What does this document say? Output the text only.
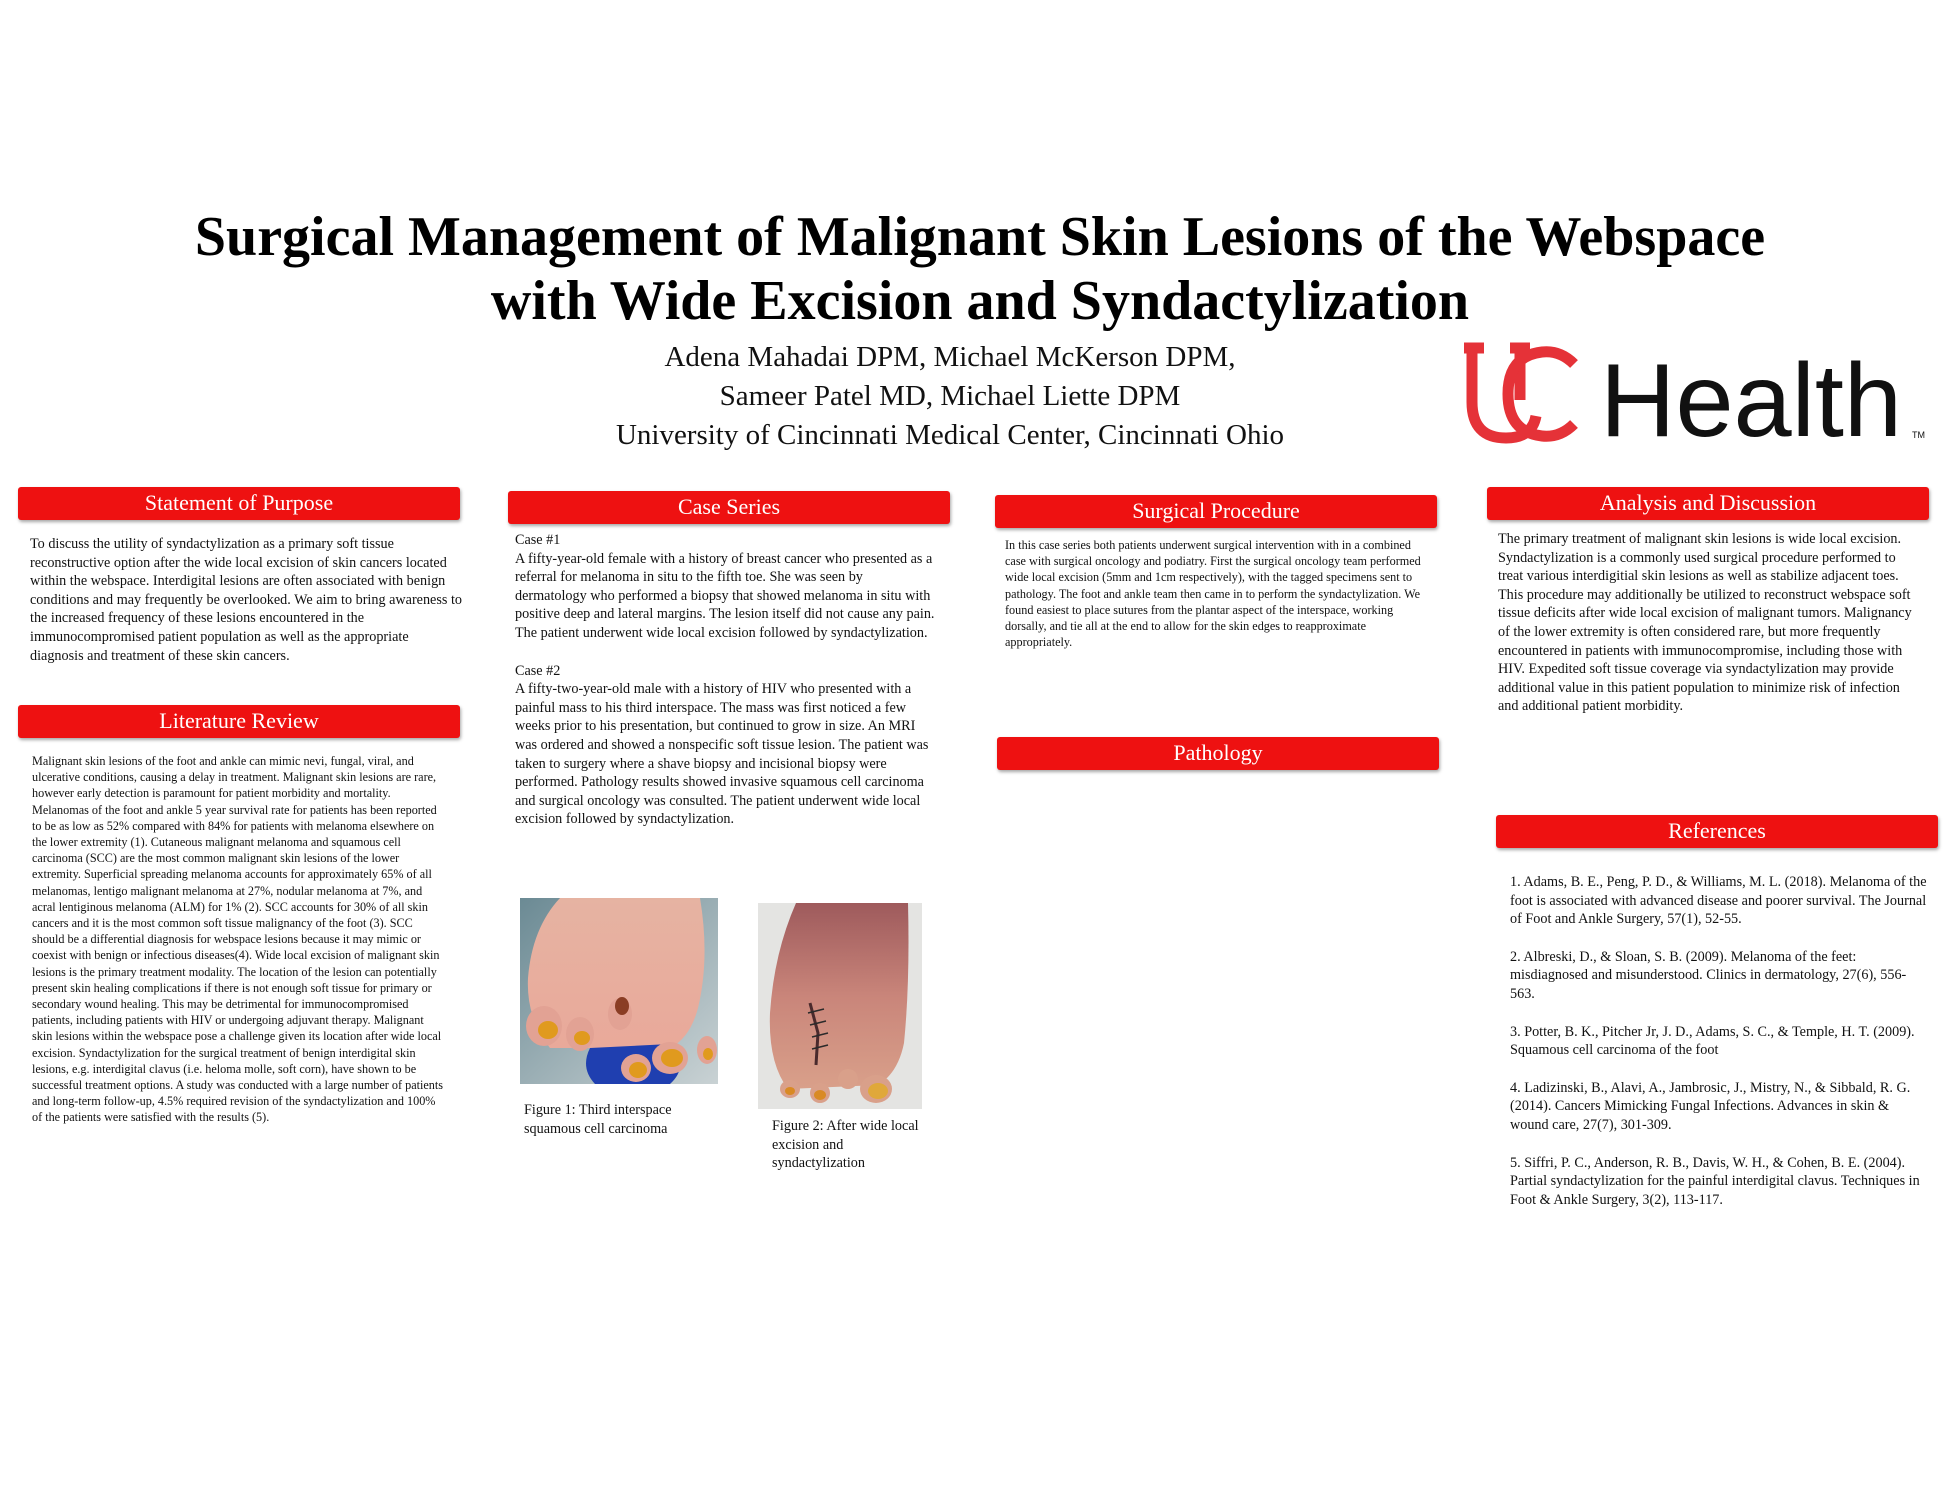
Surgical Management of Malignant Skin Lesions of the Webspace
with Wide Excision and Syndactylization
Adena Mahadai DPM, Michael McKerson DPM,
Sameer Patel MD, Michael Liette DPM
University of Cincinnati Medical Center, Cincinnati Ohio	Health TM
Statement of Purpose
To discuss the utility of syndactylization as a primary soft tissue reconstructive option after the wide local excision of skin cancers located within the webspace. Interdigital lesions are often associated with benign conditions and may frequently be overlooked. We aim to bring awareness to the increased frequency of these lesions encountered in the immunocompromised patient population as well as the appropriate diagnosis and treatment of these skin cancers.
Literature Review
Malignant skin lesions of the foot and ankle can mimic nevi, fungal, viral, and ulcerative conditions, causing a delay in treatment. Malignant skin lesions are rare, however early detection is paramount for patient morbidity and mortality. Melanomas of the foot and ankle 5 year survival rate for patients has been reported to be as low as 52% compared with 84% for patients with melanoma elsewhere on the lower extremity (1). Cutaneous malignant melanoma and squamous cell carcinoma (SCC) are the most common malignant skin lesions of the lower extremity. Superficial spreading melanoma accounts for approximately 65% of all melanomas, lentigo malignant melanoma at 27%, nodular melanoma at 7%, and acral lentiginous melanoma (ALM) for 1% (2). SCC accounts for 30% of all skin cancers and it is the most common soft tissue malignancy of the foot (3). SCC should be a differential diagnosis for webspace lesions because it may mimic or coexist with benign or infectious diseases(4). Wide local excision of malignant skin lesions is the primary treatment modality. The location of the lesion can potentially present skin healing complications if there is not enough soft tissue for primary or secondary wound healing. This may be detrimental for immunocompromised patients, including patients with HIV or undergoing adjuvant therapy. Malignant skin lesions within the webspace pose a challenge given its location after wide local excision. Syndactylization for the surgical treatment of benign interdigital skin lesions, e.g. interdigital clavus (i.e. heloma molle, soft corn), have shown to be successful treatment options. A study was conducted with a large number of patients and long-term follow-up, 4.5% required revision of the syndactylization and 100% of the patients were satisfied with the results (5).
Case Series

Case #1

A fifty-year-old female with a history of breast cancer who presented as a referral for melanoma in situ to the fifth toe. She was seen by dermatology who performed a biopsy that showed melanoma in situ with positive deep and lateral margins. The lesion itself did not cause any pain. The patient underwent wide local excision followed by syndactylization.

Case #2

A fifty-two-year-old male with a history of HIV who presented with a painful mass to his third interspace. The mass was first noticed a few weeks prior to his presentation, but continued to grow in size. An MRI was ordered and showed a nonspecific soft tissue lesion. The patient was taken to surgery where a shave biopsy and incisional biopsy were performed. Pathology results showed invasive squamous cell carcinoma and surgical oncology was consulted. The patient underwent wide local excision followed by syndactylization.

Figure 1: Third interspace squamous cell carcinoma	Figure 2: After wide local excision and syndactylization
Surgical Procedure
In this case series both patients underwent surgical intervention with in a combined case with surgical oncology and podiatry. First the surgical oncology team performed wide local excision (5mm and 1cm respectively), with the tagged specimens sent to pathology. The foot and ankle team then came in to perform the syndactylization. We found easiest to place sutures from the plantar aspect of the interspace, working dorsally, and tie all at the end to allow for the skin edges to reapproximate appropriately.
Pathology
Analysis and Discussion
The primary treatment of malignant skin lesions is wide local excision. Syndactylization is a commonly used surgical procedure performed to treat various interdigitial skin lesions as well as stabilize adjacent toes. This procedure may additionally be utilized to reconstruct webspace soft tissue deficits after wide local excision of malignant tumors. Malignancy of the lower extremity is often considered rare, but more frequently encountered in patients with immunocompromise, including those with HIV. Expedited soft tissue coverage via syndactylization may provide additional value in this patient population to minimize risk of infection and additional patient morbidity.
References

1. Adams, B. E., Peng, P. D., & Williams, M. L. (2018). Melanoma of the foot is associated with advanced disease and poorer survival. The Journal of Foot and Ankle Surgery, 57(1), 52-55.

2. Albreski, D., & Sloan, S. B. (2009). Melanoma of the feet: misdiagnosed and misunderstood. Clinics in dermatology, 27(6), 556-563.

3. Potter, B. K., Pitcher Jr, J. D., Adams, S. C., & Temple, H. T. (2009). Squamous cell carcinoma of the foot

4. Ladizinski, B., Alavi, A., Jambrosic, J., Mistry, N., & Sibbald, R. G. (2014). Cancers Mimicking Fungal Infections. Advances in skin & wound care, 27(7), 301-309.

5. Siffri, P. C., Anderson, R. B., Davis, W. H., & Cohen, B. E. (2004). Partial syndactylization for the painful interdigital clavus. Techniques in Foot & Ankle Surgery, 3(2), 113-117.
